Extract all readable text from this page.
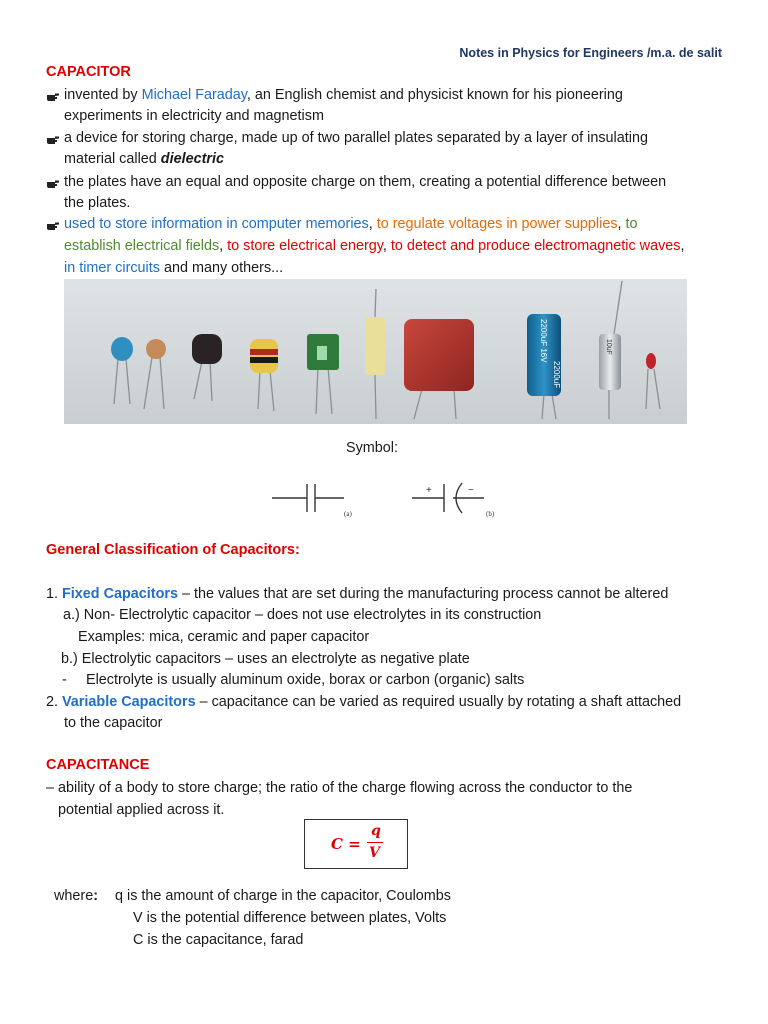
Notes in Physics for Engineers /m.a. de salit
CAPACITOR
invented by Michael Faraday, an English chemist and physicist known for his pioneering
experiments in electricity and magnetism
a device for storing charge, made up of two parallel plates separated by a layer of insulating
material called dielectric
the plates have an equal and opposite charge on them, creating a potential difference between
the plates.
used to store information in computer memories, to regulate voltages in power supplies, to
establish electrical fields, to store electrical energy, to detect and produce electromagnetic waves,
in timer circuits and many others...
2200uF 16V
2200uF
10uF
Symbol:
(a)	(b)
+	−
General Classification of Capacitors:
1. Fixed Capacitors – the values that are set during the manufacturing process cannot be altered
a.) Non- Electrolytic capacitor – does not use electrolytes in its construction
Examples: mica, ceramic and paper capacitor
b.) Electrolytic capacitors – uses an electrolyte as negative plate
- Electrolyte is usually aluminum oxide, borax or carbon (organic) salts
2. Variable Capacitors – capacitance can be varied as required usually by rotating a shaft attached
to the capacitor
CAPACITANCE
– ability of a body to store charge; the ratio of the charge flowing across the conductor to the
potential applied across it.
C =
q
V
where: q is the amount of charge in the capacitor, Coulombs
V is the potential difference between plates, Volts
C is the capacitance, farad
